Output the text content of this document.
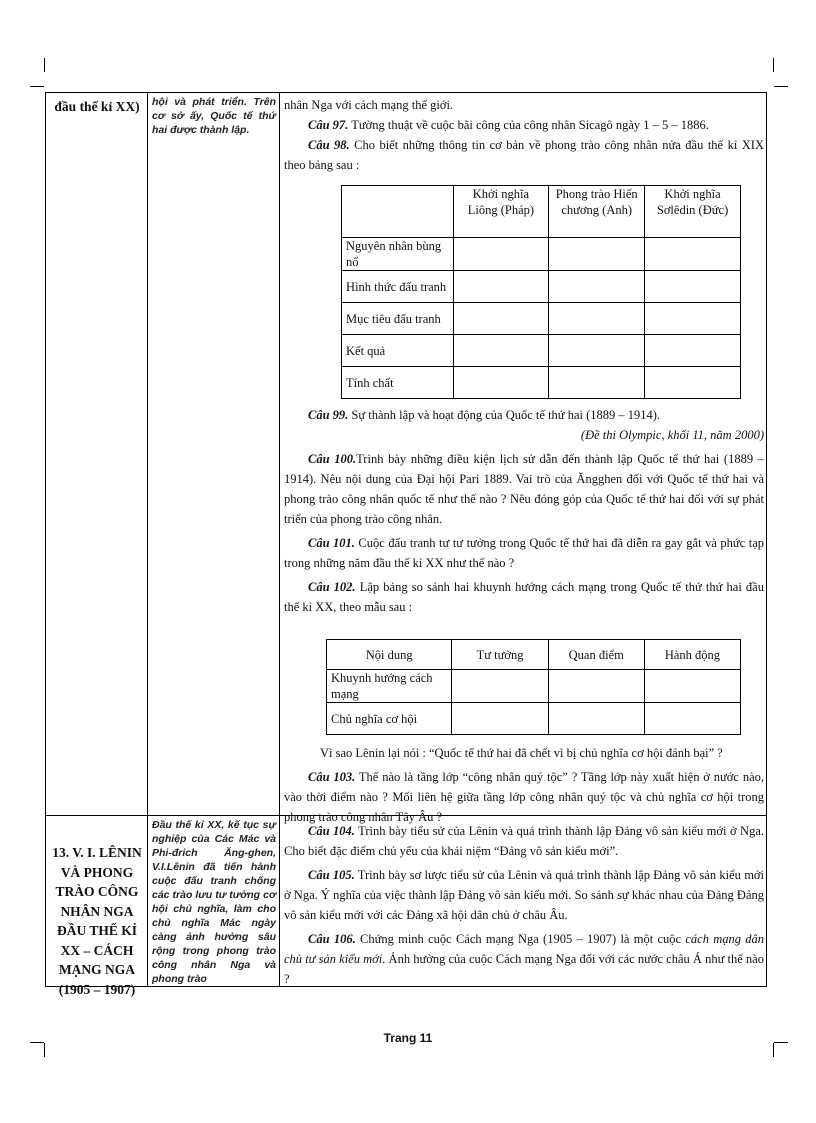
đầu thế kỉ XX)	hội và phát triển. Trên cơ sở ấy, Quốc tế thứ hai được thành lập.

nhân Nga với cách mạng thế giới.

Câu 97. Tường thuật về cuộc bãi công của công nhân Sicagô ngày 1 – 5 – 1886.

Câu 98. Cho biết những thông tin cơ bản về phong trào công nhân nửa đầu thế kỉ XIX theo bảng sau :

	Khởi nghĩa Liông (Pháp)	Phong trào Hiến chương (Anh)	Khởi nghĩa Sơlêdin (Đức)
Nguyên nhân bùng nổ			
Hình thức đấu tranh			
Mục tiêu đấu tranh			
Kết quả			
Tính chất			

Câu 99. Sự thành lập và hoạt động của Quốc tế thứ hai (1889 – 1914).

(Đề thi Olympic, khối 11, năm 2000)

Câu 100.Trình bày những điều kiện lịch sử dẫn đến thành lập Quốc tế thứ hai (1889 – 1914). Nêu nội dung của Đại hội Pari 1889. Vai trò của Ăngghen đối với Quốc tế thứ hai và phong trào công nhân quốc tế như thế nào ? Nêu đóng góp của Quốc tế thứ hai đối với sự phát triển của phong trào công nhân.

Câu 101. Cuộc đấu tranh tư tư tưởng trong Quốc tế thứ hai đã diễn ra gay gắt và phức tạp trong những năm đầu thế kỉ XX như thế nào ?

Câu 102. Lập bảng so sánh hai khuynh hướng cách mạng trong Quốc tế thứ thứ hai đầu thế kỉ XX, theo mẫu sau :

Nội dung	Tư tưởng	Quan điểm	Hành động
Khuynh hướng cách mạng			
Chủ nghĩa cơ hội			

Vì sao Lênin lại nói : “Quốc tế thứ hai đã chết vì bị chủ nghĩa cơ hội đánh bại” ?

Câu 103. Thế nào là tầng lớp “công nhân quý tộc” ? Tầng lớp này xuất hiện ở nước nào, vào thời điểm nào ? Mối liên hệ giữa tầng lớp công nhân quý tộc và chủ nghĩa cơ hội trong phong trào công nhân Tây Âu ?

13. V. I. LÊNIN VÀ PHONG TRÀO CÔNG NHÂN NGA ĐẦU THẾ KỈ XX – CÁCH MẠNG NGA (1905 – 1907)
Đầu thế kỉ XX, kế tục sự nghiệp của Các Mác và Phi-đrich Ăng-ghen, V.I.Lênin đã tiến hành cuộc đấu tranh chống các trào lưu tư tưởng cơ hội chủ nghĩa, làm cho chủ nghĩa Mác ngày càng ảnh hưởng sâu rộng trong phong trào công nhân Nga và phong trào

Câu 104. Trình bày tiểu sử của Lênin và quá trình thành lập Đảng vô sản kiểu mới ở Nga. Cho biết đặc điểm chủ yếu của khái niệm “Đảng vô sản kiểu mới”.

Câu 105. Trình bày sơ lược tiểu sử của Lênin và quá trình thành lập Đảng vô sản kiểu mới ở Nga. Ý nghĩa của việc thành lập Đảng vô sản kiểu mới. So sánh sự khác nhau của Đảng Đảng vô sản kiểu mới với các Đảng xã hội dân chủ ở châu Âu.

Câu 106. Chứng minh cuộc Cách mạng Nga (1905 – 1907) là một cuộc cách mạng dân chủ tư sản kiểu mới. Ảnh hưởng của cuộc Cách mạng Nga đối với các nước châu Á như thế nào ?

Trang 11
